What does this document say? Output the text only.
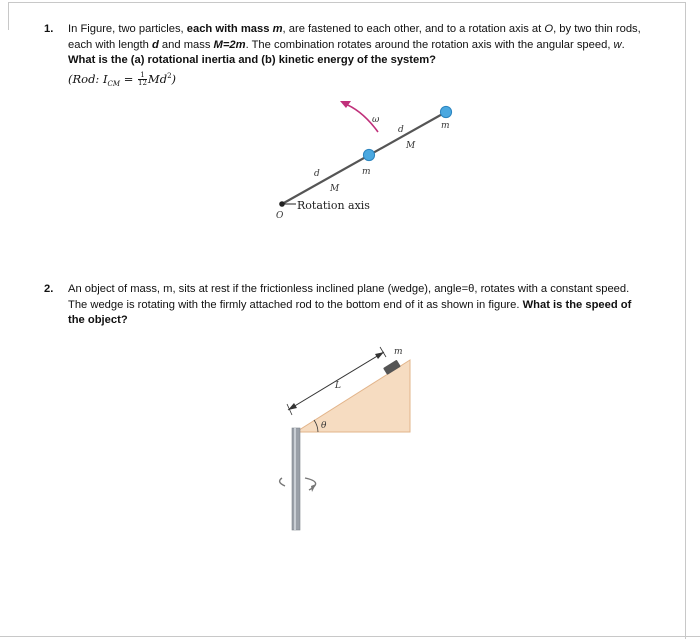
1. In Figure, two particles, each with mass m, are fastened to each other, and to a rotation axis at O, by two thin rods, each with length d and mass M=2m. The combination rotates around the rotation axis with the angular speed, w. What is the (a) rotational inertia and (b) kinetic energy of the system?
(Rod: $I_{CM} = \frac{1}{12} Md^2$)
2. An object of mass, m, sits at rest if the frictionless inclined plane (wedge), angle=θ, rotates with a constant speed. The wedge is rotating with the firmly attached rod to the bottom end of it as shown in figure. What is the speed of the object?
ω
d
M
m
m
d
M
Rotation axis
O
L
m
θ
